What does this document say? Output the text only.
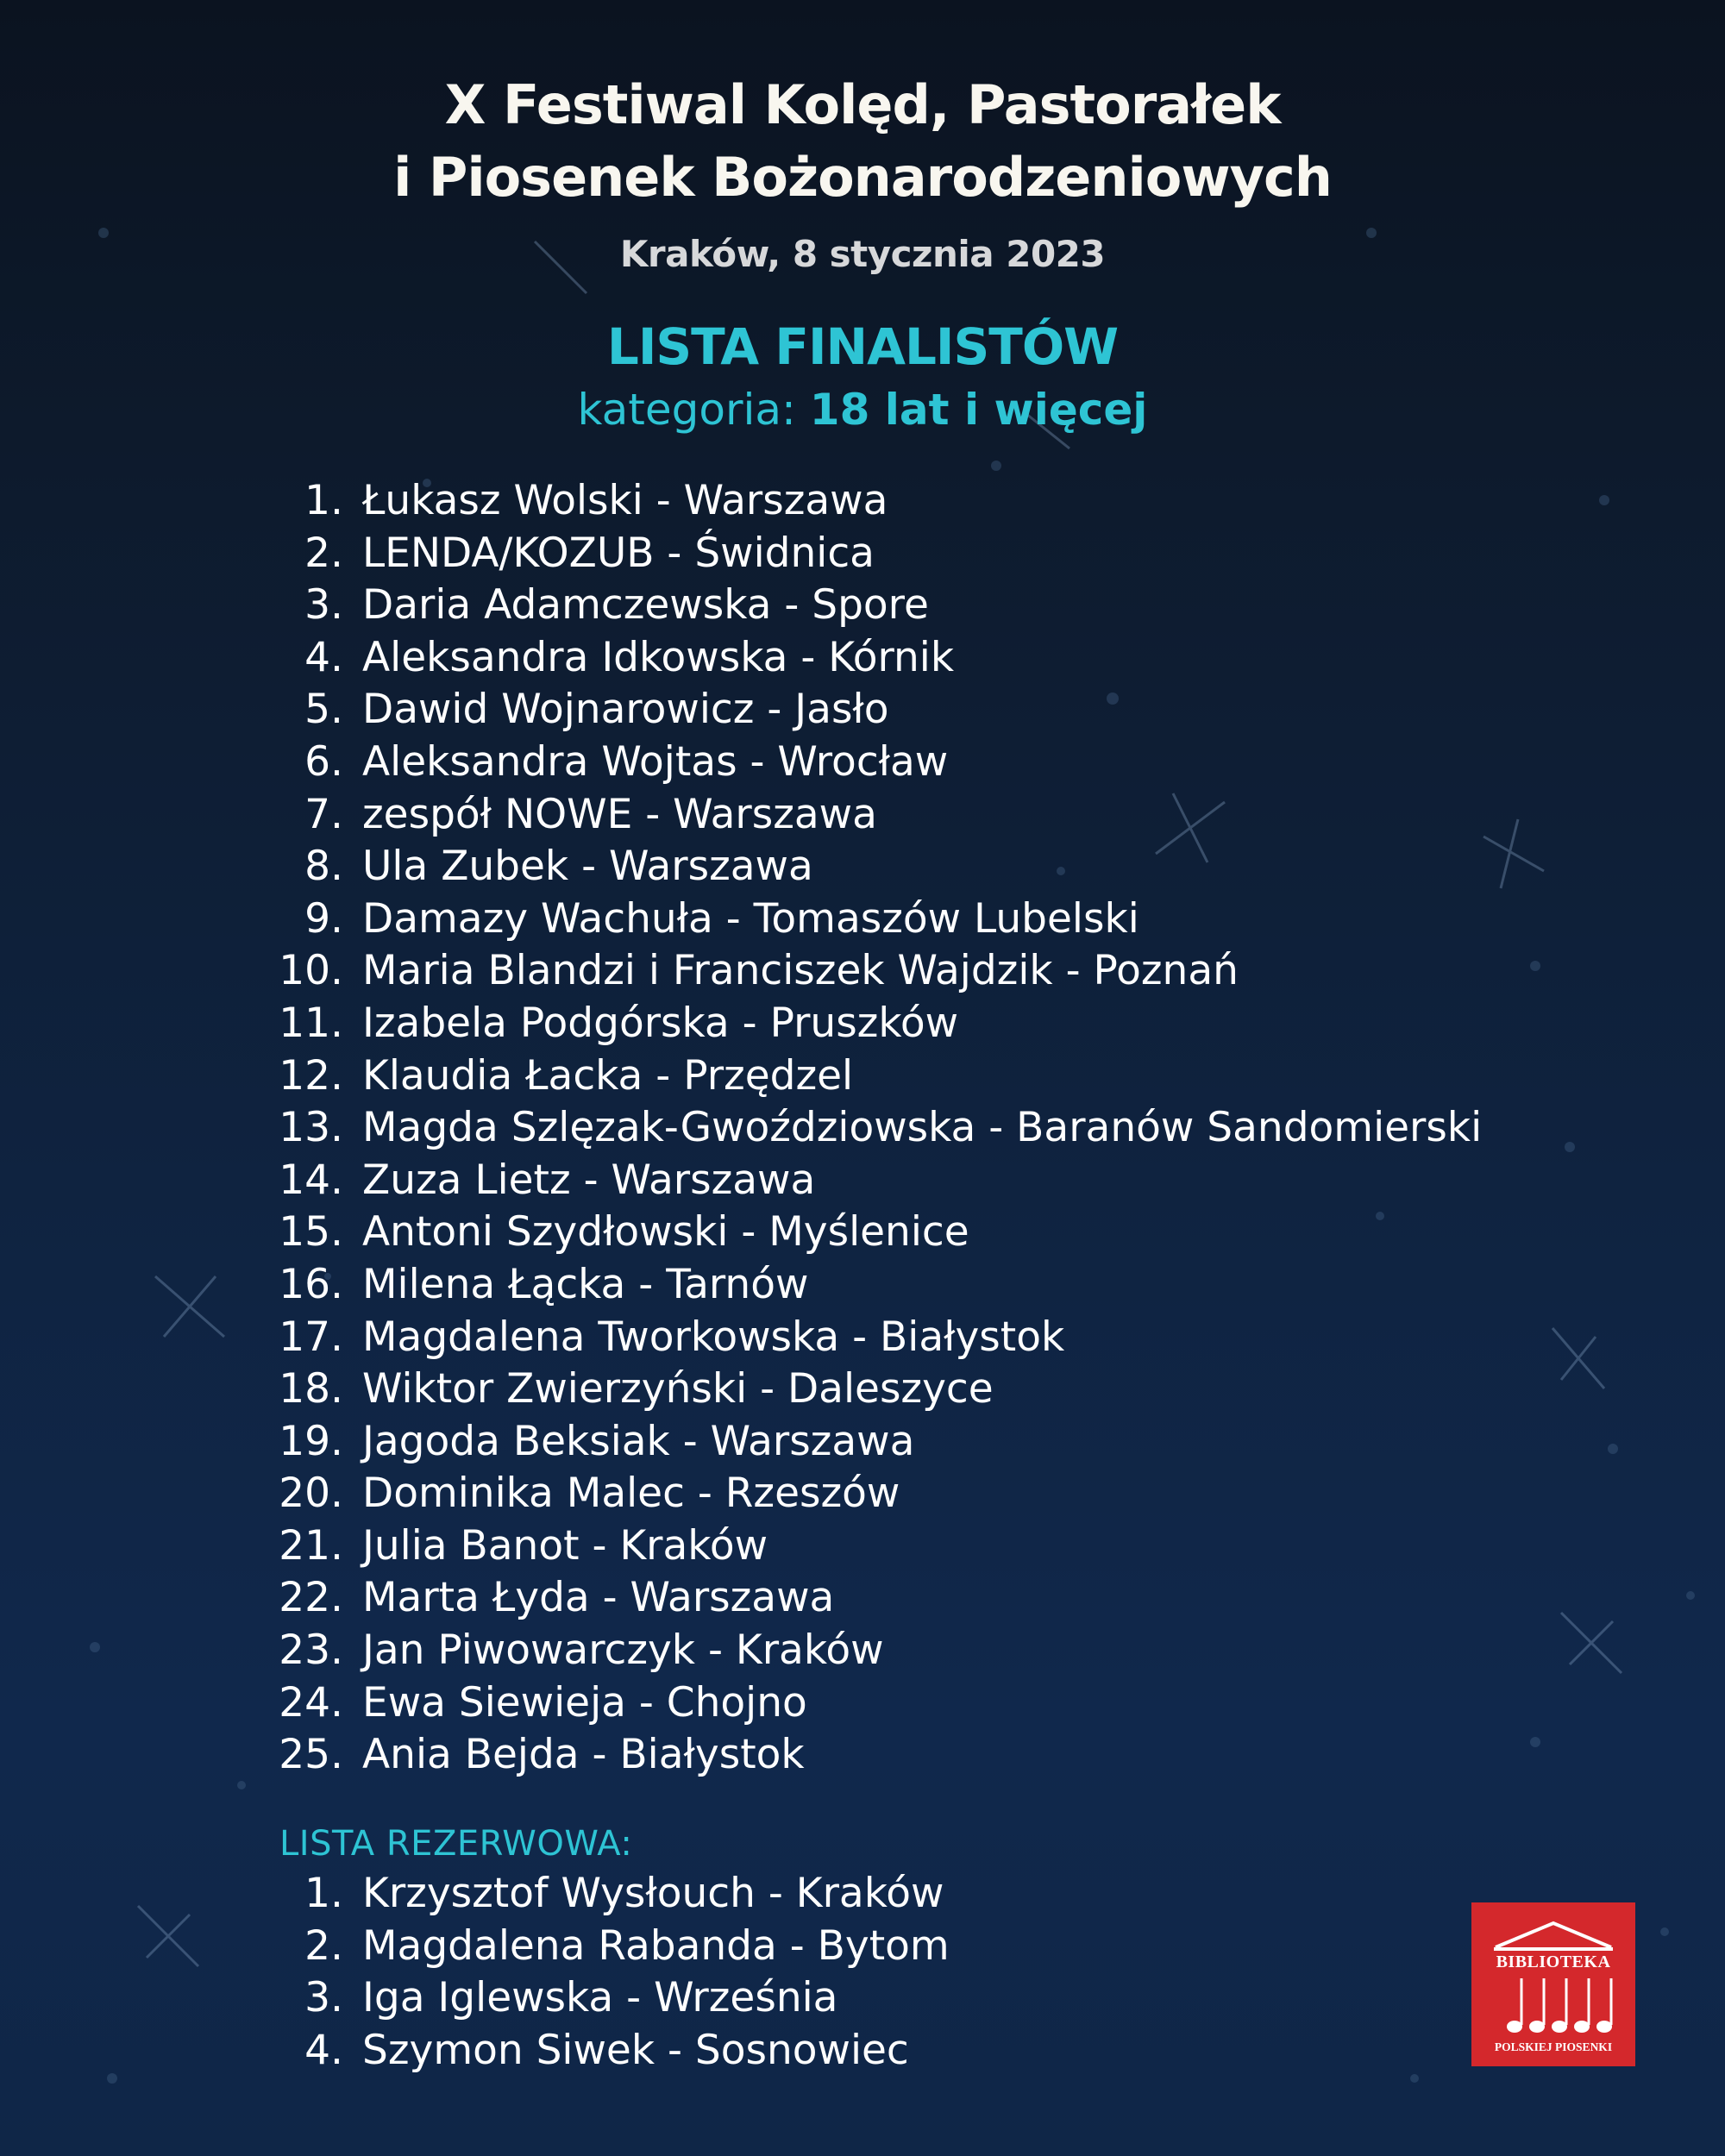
X Festiwal Kolęd, Pastorałek
i Piosenek Bożonarodzeniowych
Kraków, 8 stycznia 2023
LISTA FINALISTÓW
kategoria: 18 lat i więcej
1. Łukasz Wolski - Warszawa
2. LENDA/KOZUB - Świdnica
3. Daria Adamczewska - Spore
4. Aleksandra Idkowska - Kórnik
5. Dawid Wojnarowicz - Jasło
6. Aleksandra Wojtas - Wrocław
7. zespół NOWE - Warszawa
8. Ula Zubek - Warszawa
9. Damazy Wachuła - Tomaszów Lubelski
10. Maria Blandzi i Franciszek Wajdzik - Poznań
11. Izabela Podgórska - Pruszków
12. Klaudia Łacka - Przędzel
13. Magda Szlęzak-Gwoździowska - Baranów Sandomierski
14. Zuza Lietz - Warszawa
15. Antoni Szydłowski - Myślenice
16. Milena Łącka - Tarnów
17. Magdalena Tworkowska - Białystok
18. Wiktor Zwierzyński - Daleszyce
19. Jagoda Beksiak - Warszawa
20. Dominika Malec - Rzeszów
21. Julia Banot - Kraków
22. Marta Łyda - Warszawa
23. Jan Piwowarczyk - Kraków
24. Ewa Siewieja - Chojno
25. Ania Bejda - Białystok
LISTA REZERWOWA:
1. Krzysztof Wysłouch - Kraków
2. Magdalena Rabanda - Bytom
3. Iga Iglewska - Września
4. Szymon Siwek - Sosnowiec
BIBLIOTEKA
POLSKIEJ PIOSENKI
